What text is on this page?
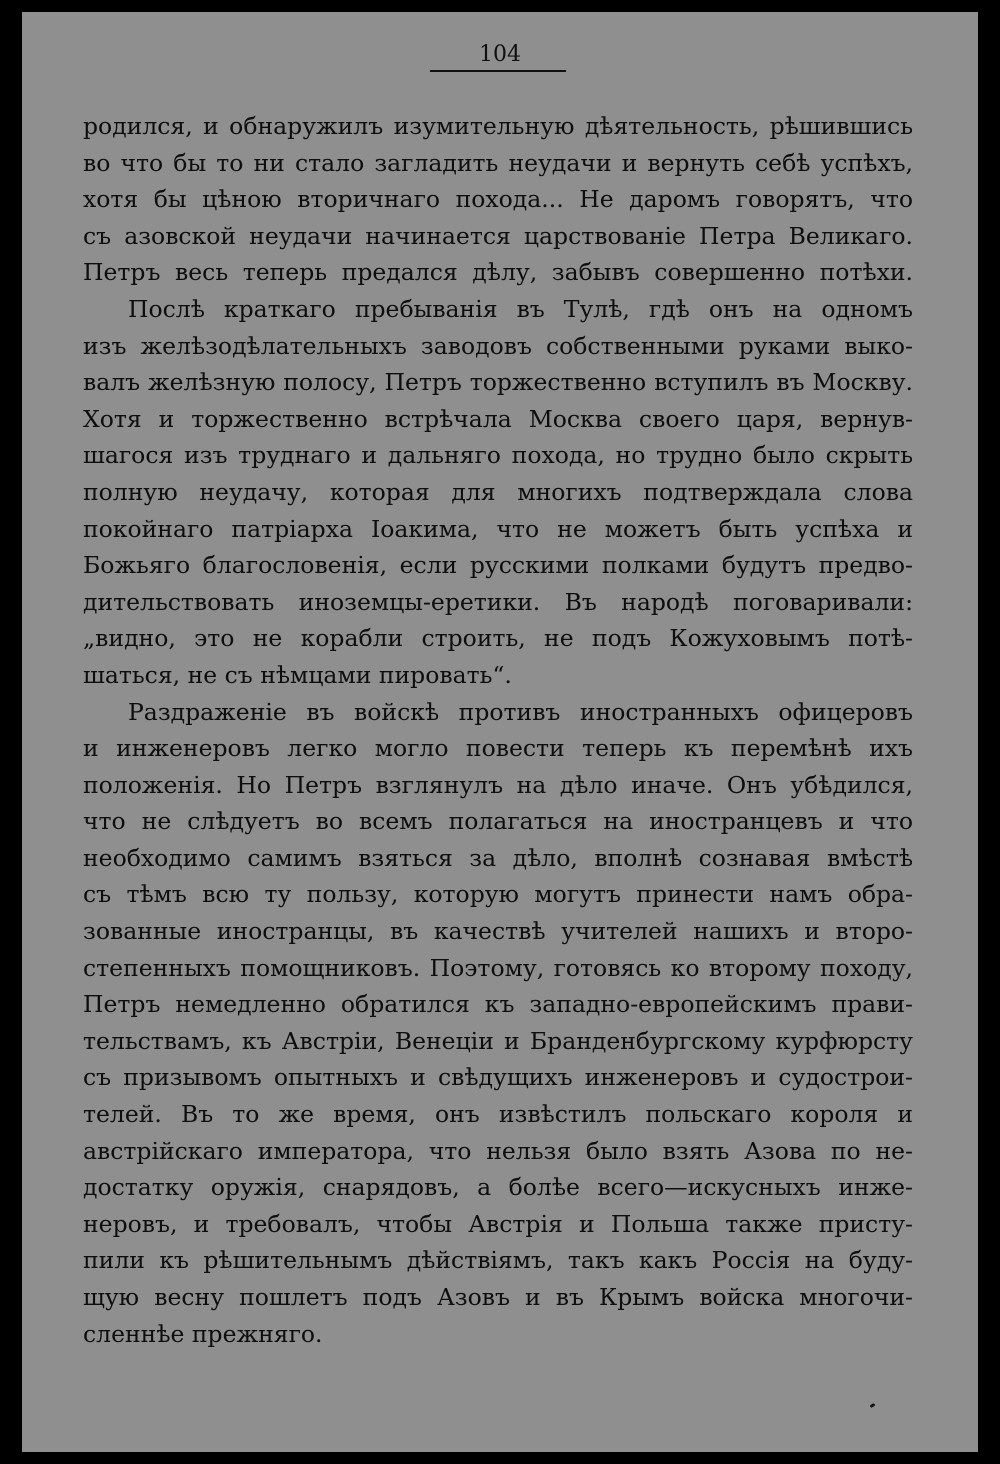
104
родился, и обнаружилъ изумительную дѣятельность, рѣшившись
во что бы то ни стало загладить неудачи и вернуть себѣ успѣхъ,
хотя бы цѣною вторичнаго похода... Не даромъ говорятъ, что
съ азовской неудачи начинается царствованіе Петра Великаго.
Петръ весь теперь предался дѣлу, забывъ совершенно потѣхи.
Послѣ краткаго пребыванія въ Тулѣ, гдѣ онъ на одномъ
изъ желѣзодѣлательныхъ заводовъ собственными руками выко-
валъ желѣзную полосу, Петръ торжественно вступилъ въ Москву.
Хотя и торжественно встрѣчала Москва своего царя, вернув-
шагося изъ труднаго и дальняго похода, но трудно было скрыть
полную неудачу, которая для многихъ подтверждала слова
покойнаго патріарха Іоакима, что не можетъ быть успѣха и
Божьяго благословенія, если русскими полками будутъ предво-
дительствовать иноземцы-еретики. Въ народѣ поговаривали:
„видно, это не корабли строить, не подъ Кожуховымъ потѣ-
шаться, не съ нѣмцами пировать“.
Раздраженіе въ войскѣ противъ иностранныхъ офицеровъ
и инженеровъ легко могло повести теперь къ перемѣнѣ ихъ
положенія. Но Петръ взглянулъ на дѣло иначе. Онъ убѣдился,
что не слѣдуетъ во всемъ полагаться на иностранцевъ и что
необходимо самимъ взяться за дѣло, вполнѣ сознавая вмѣстѣ
съ тѣмъ всю ту пользу, которую могутъ принести намъ обра-
зованные иностранцы, въ качествѣ учителей нашихъ и второ-
степенныхъ помощниковъ. Поэтому, готовясь ко второму походу,
Петръ немедленно обратился къ западно-европейскимъ прави-
тельствамъ, къ Австріи, Венеціи и Бранденбургскому курфюрсту
съ призывомъ опытныхъ и свѣдущихъ инженеровъ и судострои-
телей. Въ то же время, онъ извѣстилъ польскаго короля и
австрійскаго императора, что нельзя было взять Азова по не-
достатку оружія, снарядовъ, а болѣе всего—искусныхъ инже-
неровъ, и требовалъ, чтобы Австрія и Польша также присту-
пили къ рѣшительнымъ дѣйствіямъ, такъ какъ Россія на буду-
щую весну пошлетъ подъ Азовъ и въ Крымъ войска многочи-
сленнѣе прежняго.
